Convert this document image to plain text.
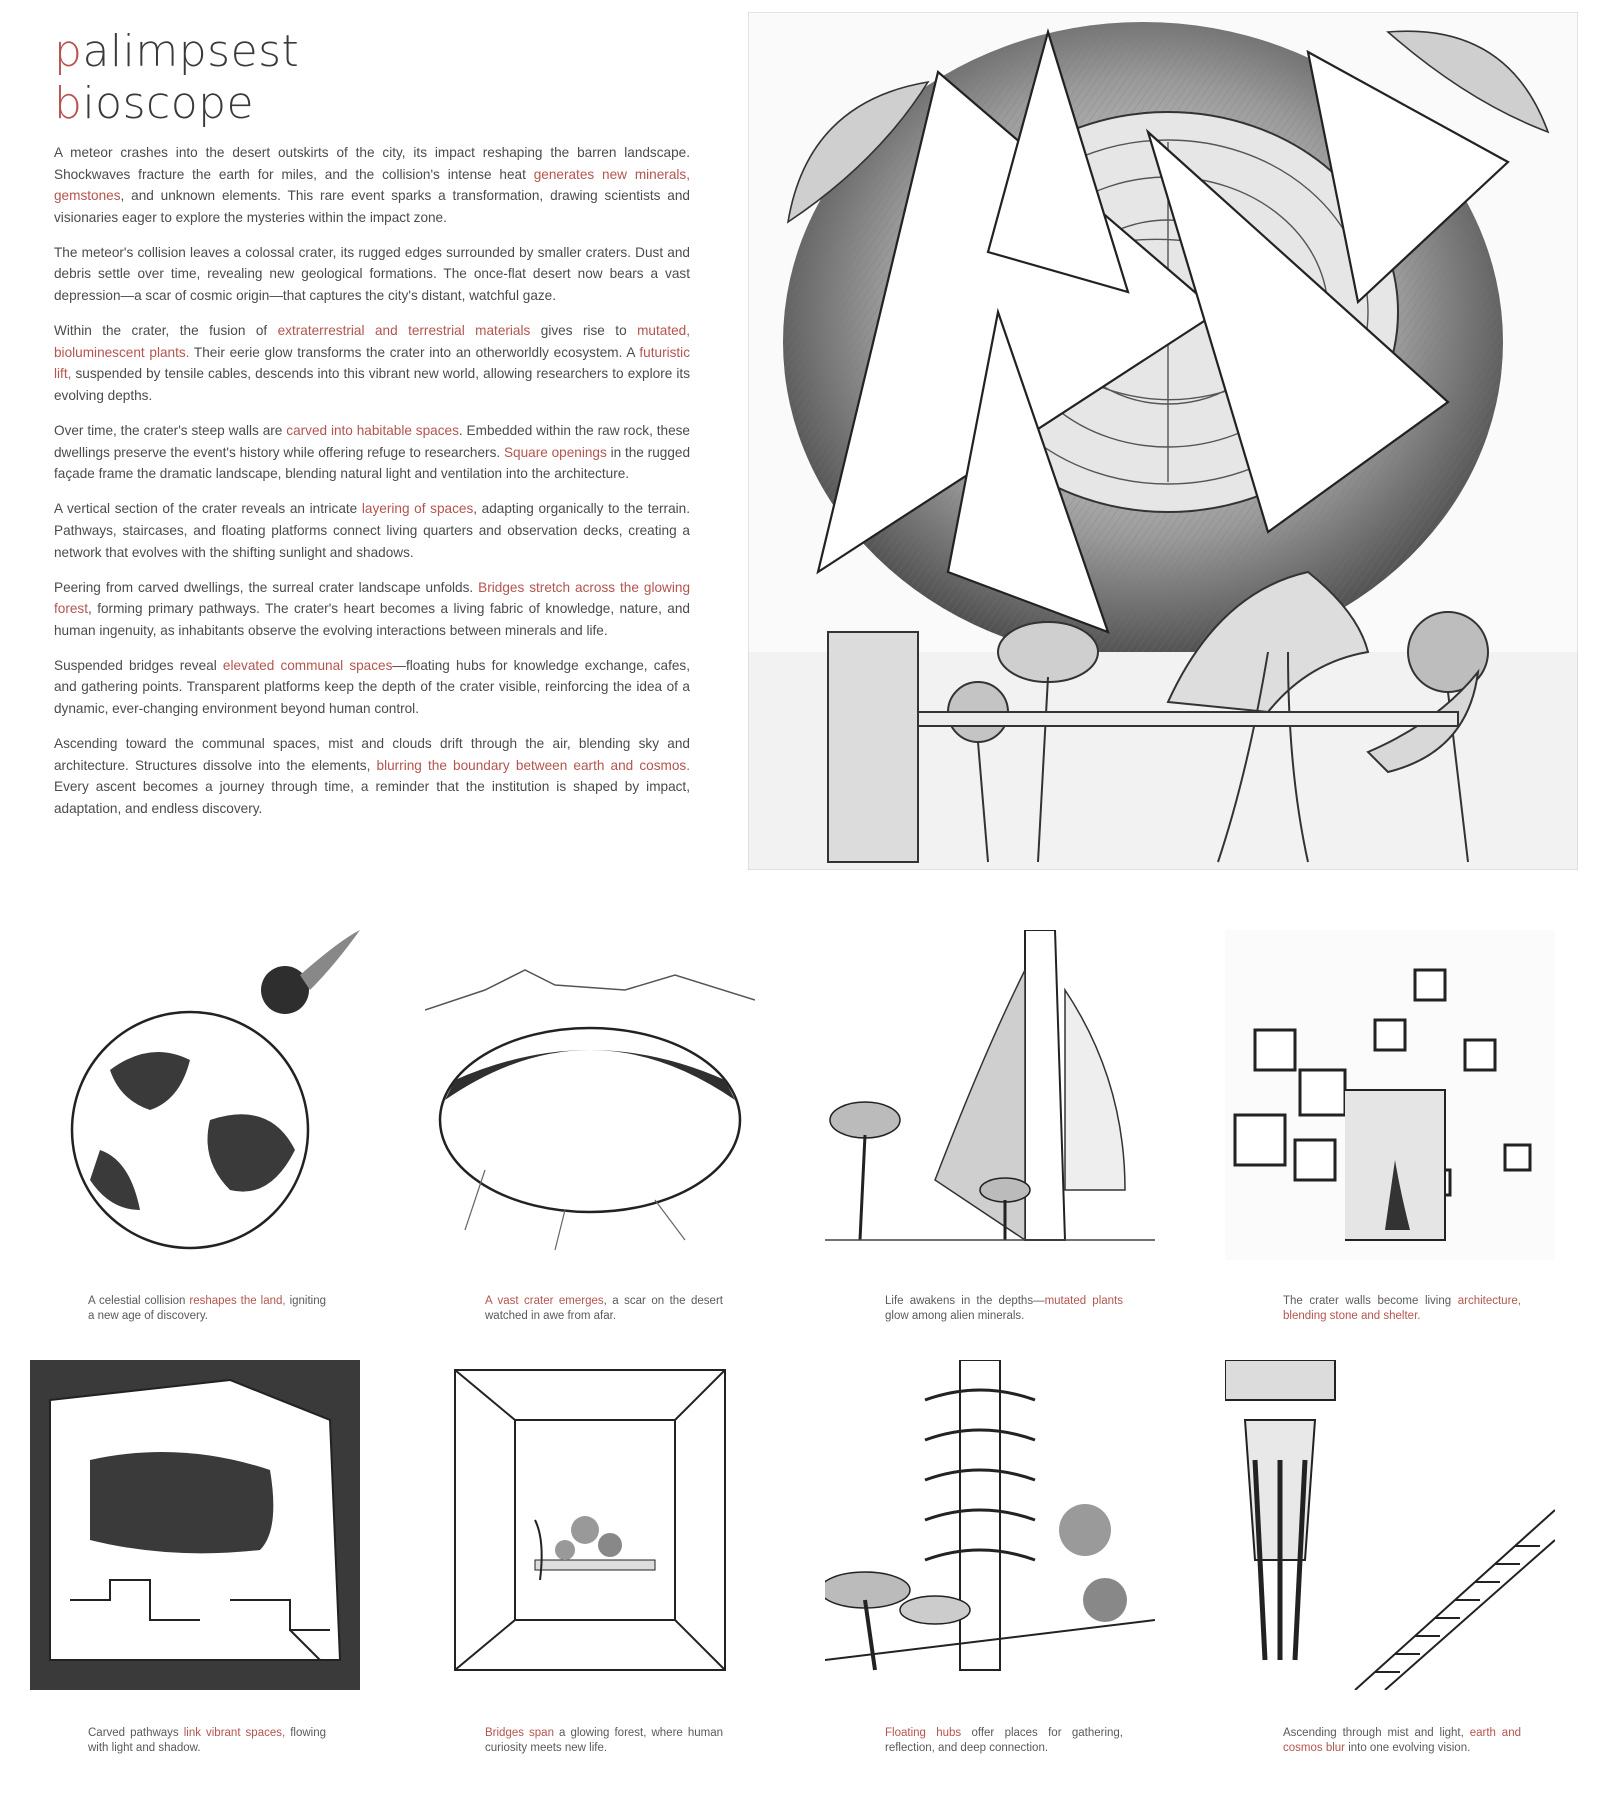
palimpsest
bioscope

A meteor crashes into the desert outskirts of the city, its impact reshaping the barren landscape. Shockwaves fracture the earth for miles, and the collision's intense heat generates new minerals, gemstones, and unknown elements. This rare event sparks a transformation, drawing scientists and visionaries eager to explore the mysteries within the impact zone.

The meteor's collision leaves a colossal crater, its rugged edges surrounded by smaller craters. Dust and debris settle over time, revealing new geological formations. The once-flat desert now bears a vast depression—a scar of cosmic origin—that captures the city's distant, watchful gaze.

Within the crater, the fusion of extraterrestrial and terrestrial materials gives rise to mutated, bioluminescent plants. Their eerie glow transforms the crater into an otherworldly ecosystem. A futuristic lift, suspended by tensile cables, descends into this vibrant new world, allowing researchers to explore its evolving depths.

Over time, the crater's steep walls are carved into habitable spaces. Embedded within the raw rock, these dwellings preserve the event's history while offering refuge to researchers. Square openings in the rugged façade frame the dramatic landscape, blending natural light and ventilation into the architecture.

A vertical section of the crater reveals an intricate layering of spaces, adapting organically to the terrain. Pathways, staircases, and floating platforms connect living quarters and observation decks, creating a network that evolves with the shifting sunlight and shadows.

Peering from carved dwellings, the surreal crater landscape unfolds. Bridges stretch across the glowing forest, forming primary pathways. The crater's heart becomes a living fabric of knowledge, nature, and human ingenuity, as inhabitants observe the evolving interactions between minerals and life.

Suspended bridges reveal elevated communal spaces—floating hubs for knowledge exchange, cafes, and gathering points. Transparent platforms keep the depth of the crater visible, reinforcing the idea of a dynamic, ever-changing environment beyond human control.

Ascending toward the communal spaces, mist and clouds drift through the air, blending sky and architecture. Structures dissolve into the elements, blurring the boundary between earth and cosmos. Every ascent becomes a journey through time, a reminder that the institution is shaped by impact, adaptation, and endless discovery.

A celestial collision reshapes the land, igniting a new age of discovery.
A vast crater emerges, a scar on the desert watched in awe from afar.
Life awakens in the depths—mutated plants glow among alien minerals.
The crater walls become living architecture, blending stone and shelter.
Carved pathways link vibrant spaces, flowing with light and shadow.
Bridges span a glowing forest, where human curiosity meets new life.
Floating hubs offer places for gathering, reflection, and deep connection.
Ascending through mist and light, earth and cosmos blur into one evolving vision.
